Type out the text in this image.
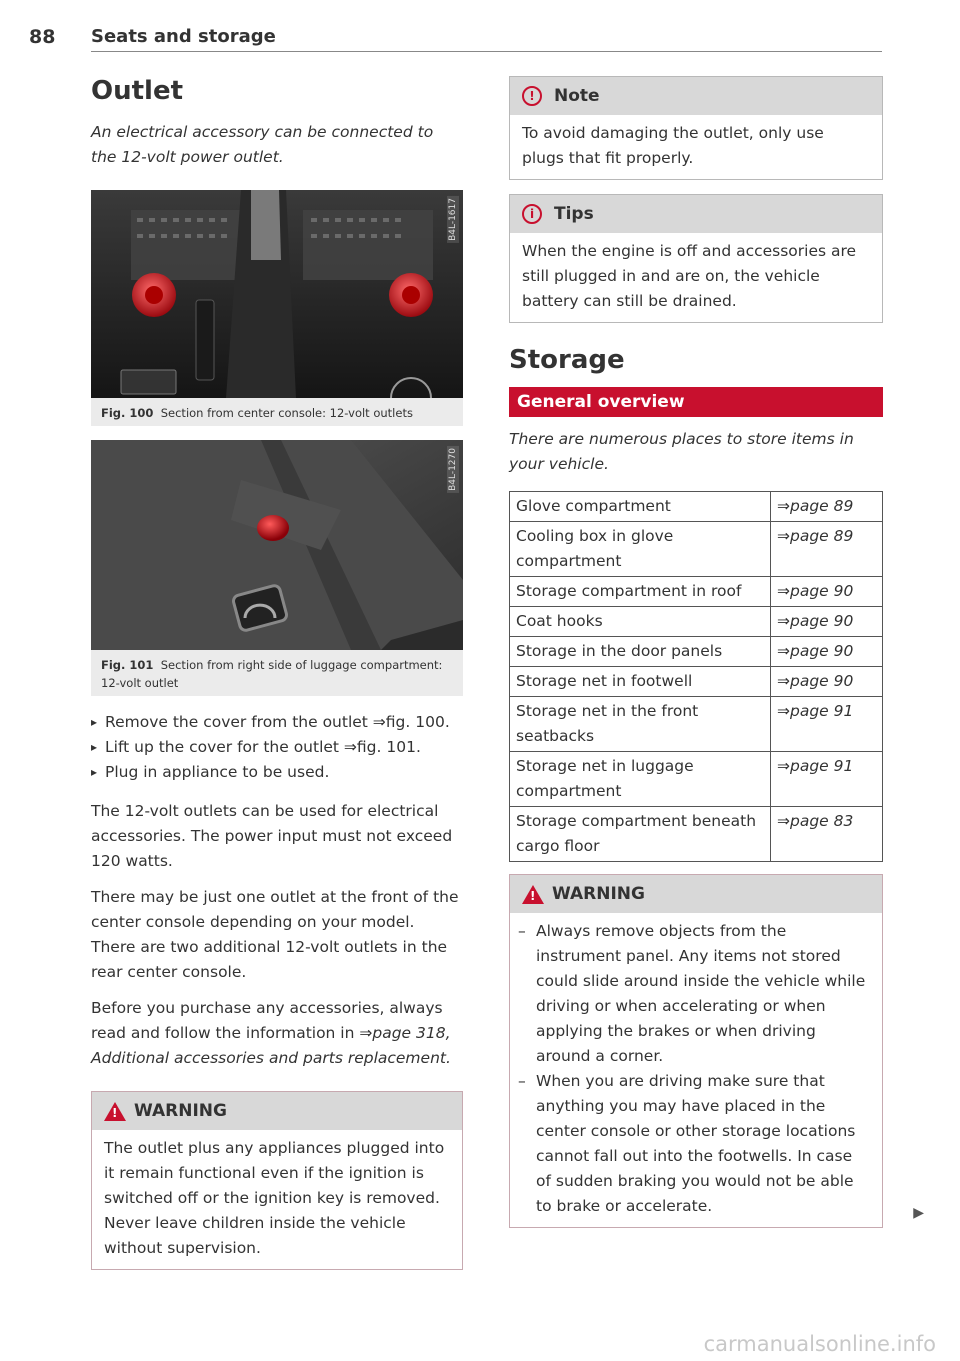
88 Seats and storage
Outlet

An electrical accessory can be connected to the 12-volt power outlet.

B4L-1617
Fig. 100 Section from center console: 12-volt outlets
B4L-1270
Fig. 101 Section from right side of luggage compartment: 12-volt outlet
▸ Remove the cover from the outlet ⇒fig. 100.
▸ Lift up the cover for the outlet ⇒fig. 101.
▸ Plug in appliance to be used.

The 12-volt outlets can be used for electrical accessories. The power input must not exceed 120 watts.

There may be just one outlet at the front of the center console depending on your model. There are two additional 12-volt outlets in the rear center console.

Before you purchase any accessories, always read and follow the information in ⇒page 318, Additional accessories and parts replacement.

! WARNING
The outlet plus any appliances plugged into it remain functional even if the ignition is switched off or the ignition key is removed. Never leave children inside the vehicle without supervision.
!	Note
To avoid damaging the outlet, only use plugs that fit properly.
i	Tips
When the engine is off and accessories are still plugged in and are on, the vehicle battery can still be drained.
Storage
General overview

There are numerous places to store items in your vehicle.

Glove compartment	⇒page 89
Cooling box in glove compartment	⇒page 89
Storage compartment in roof	⇒page 90
Coat hooks	⇒page 90
Storage in the door panels	⇒page 90
Storage net in footwell	⇒page 90
Storage net in the front seatbacks	⇒page 91
Storage net in luggage compartment	⇒page 91
Storage compartment beneath cargo floor	⇒page 83
! WARNING
– Always remove objects from the instrument panel. Any items not stored could slide around inside the vehicle while driving or when accelerating or when applying the brakes or when driving around a corner.
– When you are driving make sure that anything you may have placed in the center console or other storage locations cannot fall out into the footwells. In case of sudden braking you would not be able to brake or accelerate.	▶
carmanualsonline.info
